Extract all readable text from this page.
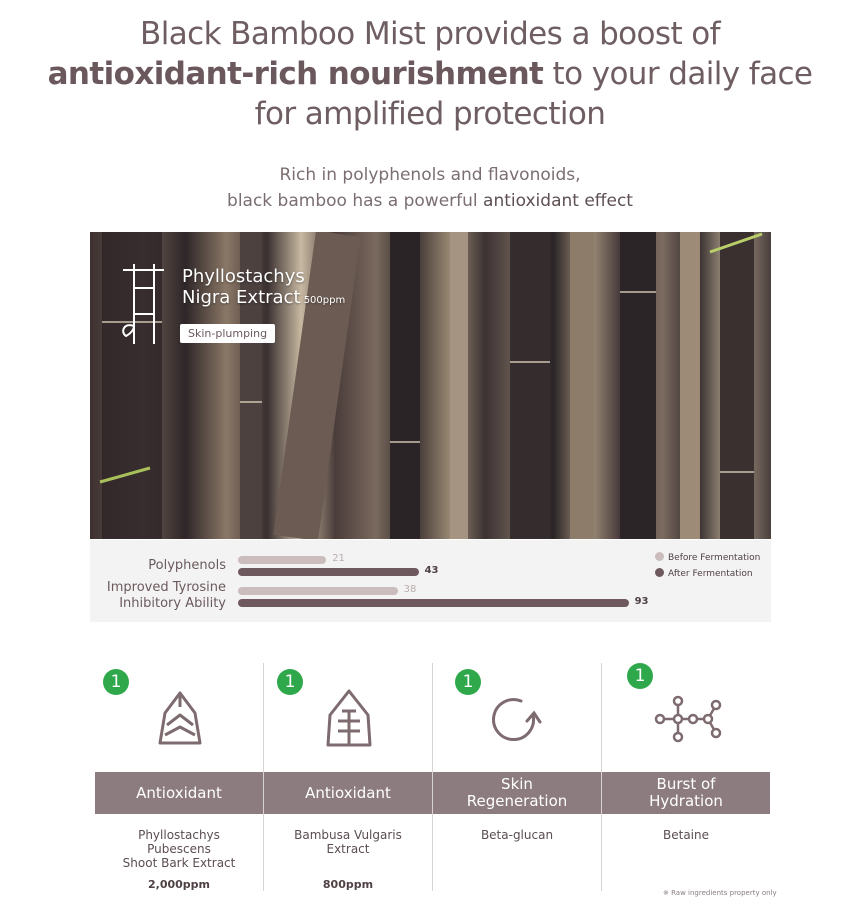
Black Bamboo Mist provides a boost of
antioxidant-rich nourishment to your daily face
for amplified protection
Rich in polyphenols and flavonoids,
black bamboo has a powerful antioxidant effect
Phyllostachys
Nigra Extract 500ppm
Skin-plumping
Polyphenols
Improved Tyrosine
Inhibitory Ability
21
43
38
93
Before Fermentation
After Fermentation
1
Antioxidant
Phyllostachys
Pubescens
Shoot Bark Extract
2,000ppm
1
Antioxidant
Bambusa Vulgaris
Extract
800ppm
1
Skin
Regeneration
Beta-glucan
1
Burst of
Hydration
Betaine
※ Raw ingredients property only
